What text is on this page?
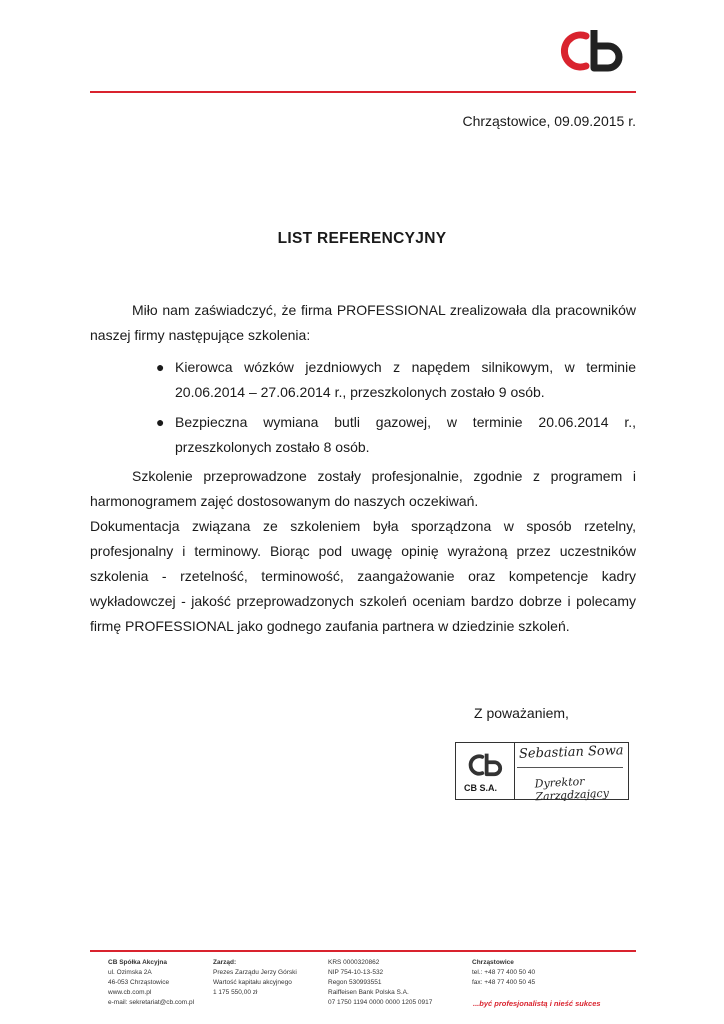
Chrząstowice, 09.09.2015 r.
LIST REFERENCYJNY
Miło nam zaświadczyć, że firma PROFESSIONAL zrealizowała dla pracowników naszej firmy następujące szkolenia:
● Kierowca wózków jezdniowych z napędem silnikowym, w terminie 20.06.2014 – 27.06.2014 r., przeszkolonych zostało 9 osób.
● Bezpieczna wymiana butli gazowej, w terminie 20.06.2014 r., przeszkolonych zostało 8 osób.
Szkolenie przeprowadzone zostały profesjonalnie, zgodnie z programem i harmonogramem zajęć dostosowanym do naszych oczekiwań.
Dokumentacja związana ze szkoleniem była sporządzona w sposób rzetelny, profesjonalny i terminowy. Biorąc pod uwagę opinię wyrażoną przez uczestników szkolenia - rzetelność, terminowość, zaangażowanie oraz kompetencje kadry wykładowczej - jakość przeprowadzonych szkoleń oceniam bardzo dobrze i polecamy firmę PROFESSIONAL jako godnego zaufania partnera w dziedzinie szkoleń.
Z poważaniem,
CB S.A.
Sebastian Sowa
Dyrektor Zarządzający
CB Spółka Akcyjna
ul. Ozimska 2A
46-053 Chrząstowice
www.cb.com.pl
e-mail: sekretariat@cb.com.pl
Zarząd:
Prezes Zarządu Jerzy Górski
Wartość kapitału akcyjnego
1 175 550,00 zł
KRS 0000320862
NIP 754-10-13-532
Regon 530993551
Raiffeisen Bank Polska S.A.
07 1750 1194 0000 0000 1205 0917
Chrząstowice
tel.: +48 77 400 50 40
fax: +48 77 400 50 45
...być profesjonalistą i nieść sukces
